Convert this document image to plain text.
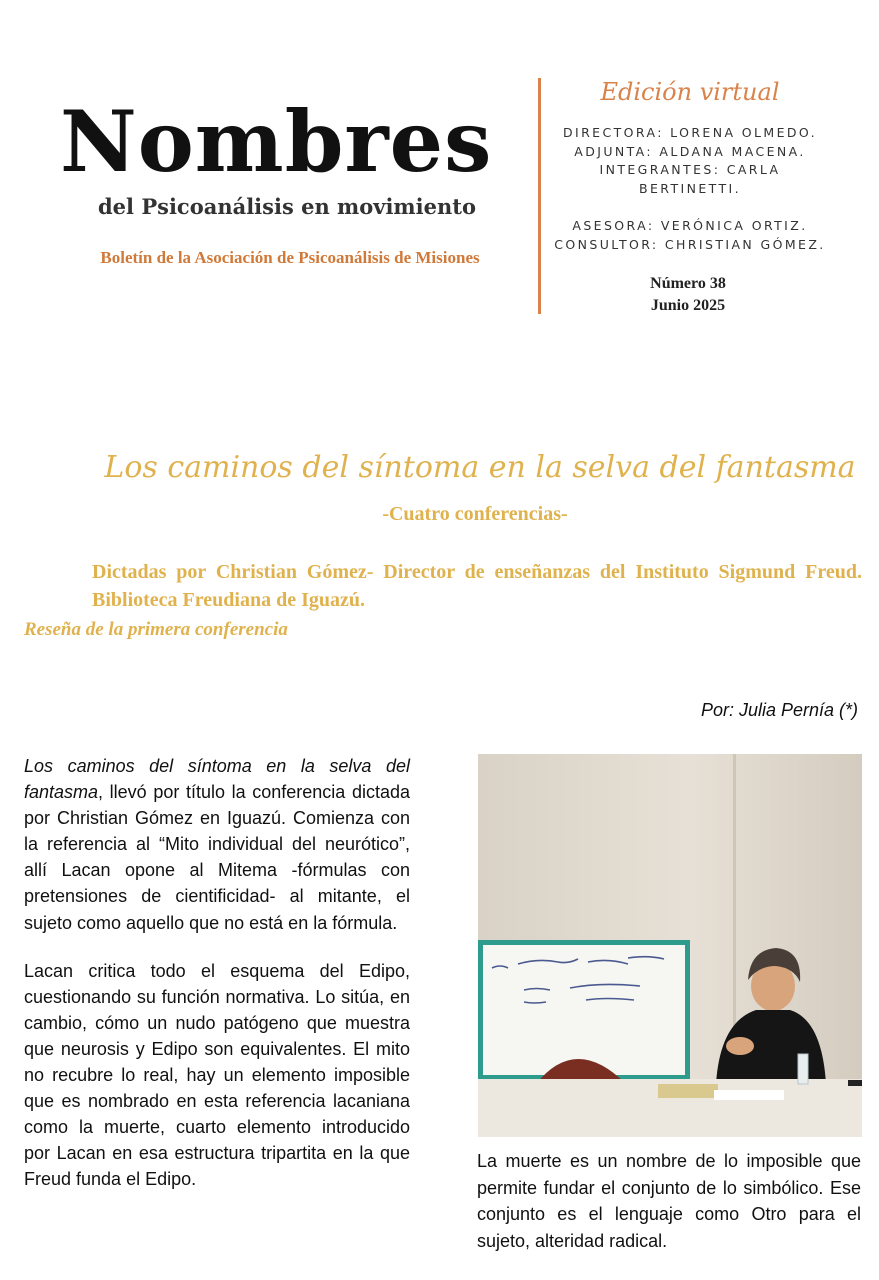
Nombres
del Psicoanálisis en movimiento
Boletín de la Asociación de Psicoanálisis de Misiones
Edición virtual
DIRECTORA: LORENA OLMEDO.
ADJUNTA: ALDANA MACENA.
INTEGRANTES: CARLA
BERTINETTI.
ASESORA: VERÓNICA ORTIZ.
CONSULTOR: CHRISTIAN GÓMEZ.
Número 38
Junio 2025
Los caminos del síntoma en la selva del fantasma
-Cuatro conferencias-
Dictadas por Christian Gómez- Director de enseñanzas del Instituto Sigmund Freud. Biblioteca Freudiana de Iguazú.
Reseña de la primera conferencia
Por: Julia Pernía (*)

Los caminos del síntoma en la selva del fantasma, llevó por título la conferencia dictada por Christian Gómez en Iguazú. Comienza con la referencia al “Mito individual del neurótico”, allí Lacan opone al Mitema -fórmulas con pretensiones de cientificidad- al mitante, el sujeto como aquello que no está en la fórmula.

Lacan critica todo el esquema del Edipo, cuestionando su función normativa. Lo sitúa, en cambio, cómo un nudo patógeno que muestra que neurosis y Edipo son equivalentes. El mito no recubre lo real, hay un elemento imposible que es nombrado en esta referencia lacaniana como la muerte, cuarto elemento introducido por Lacan en esa estructura tripartita en la que Freud funda el Edipo.

La muerte es un nombre de lo imposible que permite fundar el conjunto de lo simbólico. Ese conjunto es el lenguaje como Otro para el sujeto, alteridad radical.
